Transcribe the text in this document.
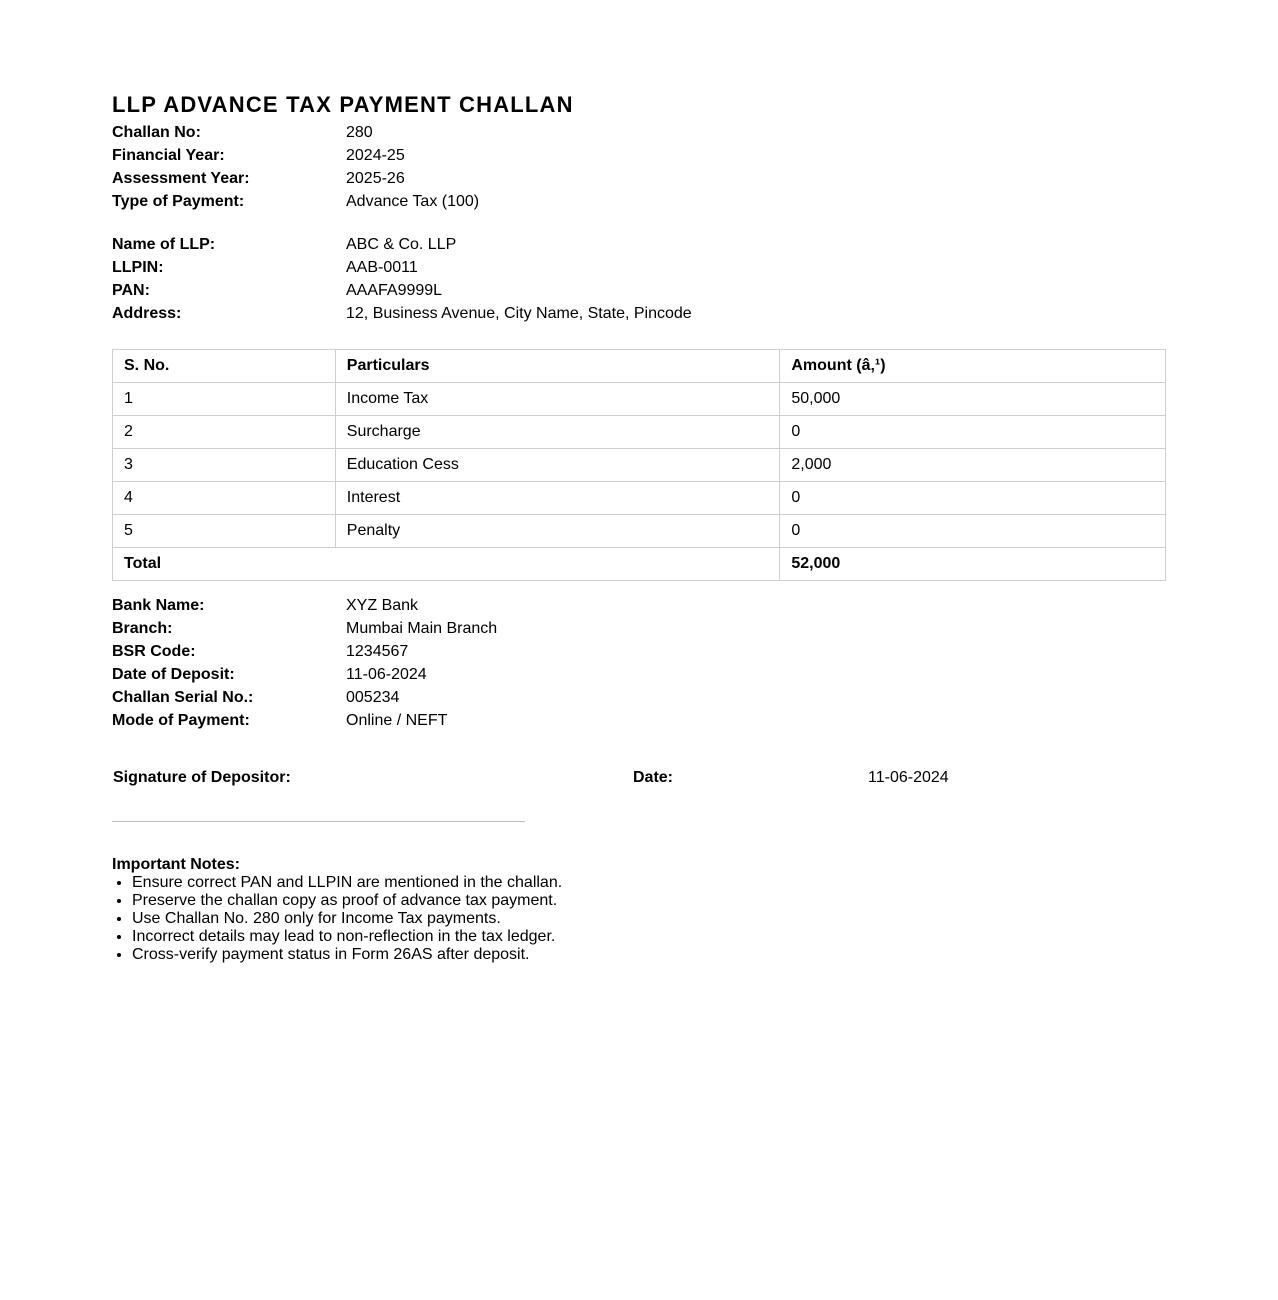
LLP ADVANCE TAX PAYMENT CHALLAN
Challan No:	280
Financial Year:	2024-25
Assessment Year:	2025-26
Type of Payment:	Advance Tax (100)
Name of LLP:	ABC & Co. LLP
LLPIN:	AAB-0011
PAN:	AAAFA9999L
Address:	12, Business Avenue, City Name, State, Pincode
S. No.	Particulars	Amount (â‚¹)
1	Income Tax	50,000
2	Surcharge	0
3	Education Cess	2,000
4	Interest	0
5	Penalty	0
Total		52,000
Bank Name:	XYZ Bank
Branch:	Mumbai Main Branch
BSR Code:	1234567
Date of Deposit:	11-06-2024
Challan Serial No.:	005234
Mode of Payment:	Online / NEFT
Signature of Depositor:	Date:	11-06-2024
Important Notes:
• Ensure correct PAN and LLPIN are mentioned in the challan.
• Preserve the challan copy as proof of advance tax payment.
• Use Challan No. 280 only for Income Tax payments.
• Incorrect details may lead to non-reflection in the tax ledger.
• Cross-verify payment status in Form 26AS after deposit.
